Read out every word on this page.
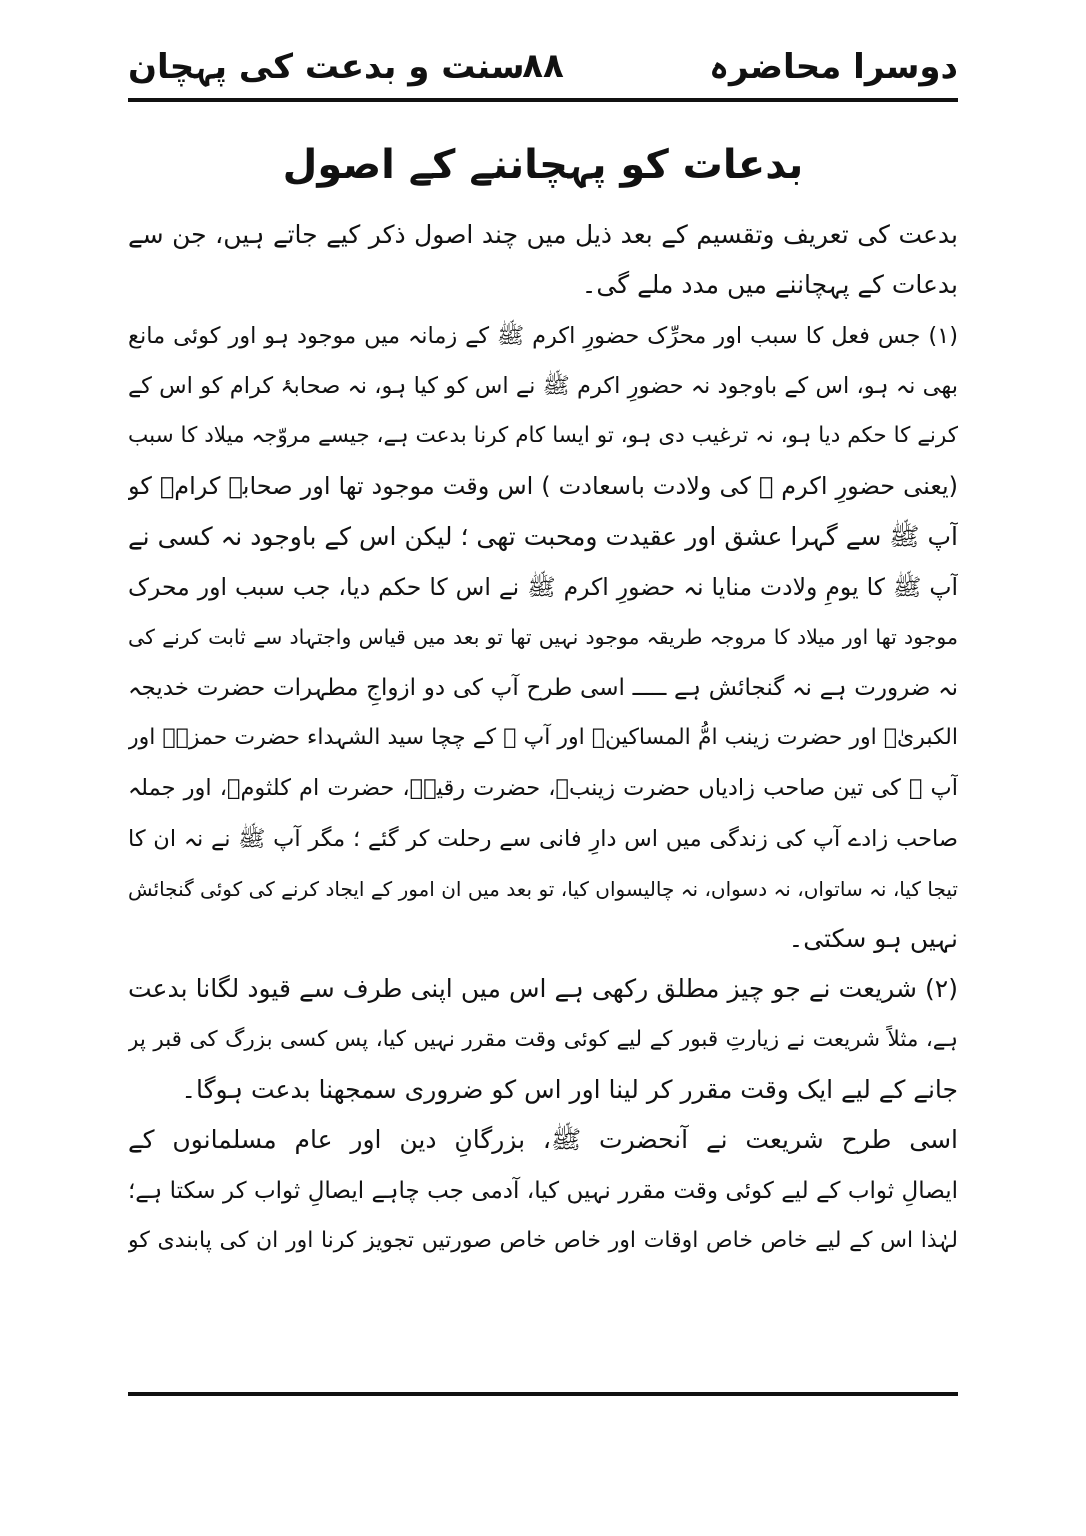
دوسرا محاضرہ
۸۸
سنت و بدعت کی پہچان
بدعات کو پہچاننے کے اصول
بدعت کی تعریف وتقسیم کے بعد ذیل میں چند اصول ذکر کیے جاتے ہیں، جن سے
بدعات کے پہچاننے میں مدد ملے گی۔
(۱) جس فعل کا سبب اور محرِّک حضورِ اکرم ﷺ کے زمانہ میں موجود ہو اور کوئی مانع
بھی نہ ہو، اس کے باوجود نہ حضورِ اکرم ﷺ نے اس کو کیا ہو، نہ صحابۂ کرام کو اس کے
کرنے کا حکم دیا ہو، نہ ترغیب دی ہو، تو ایسا کام کرنا بدعت ہے، جیسے مروّجہ میلاد کا سبب
(یعنی حضورِ اکرم ﷺ کی ولادت باسعادت ) اس وقت موجود تھا اور صحابۂ کرامؓ کو
آپ ﷺ سے گہرا عشق اور عقیدت ومحبت تھی ؛ لیکن اس کے باوجود نہ کسی نے
آپ ﷺ کا یومِ ولادت منایا نہ حضورِ اکرم ﷺ نے اس کا حکم دیا، جب سبب اور محرک
موجود تھا اور میلاد کا مروجہ طریقہ موجود نہیں تھا تو بعد میں قیاس واجتہاد سے ثابت کرنے کی
نہ ضرورت ہے نہ گنجائش ہے ـــــ اسی طرح آپ کی دو ازواجِ مطہرات حضرت خدیجہ
الکبریٰؓ اور حضرت زینب امُّ المساکینؓ اور آپ ﷺ کے چچا سید الشہداء حضرت حمزہؓ اور
آپ ﷺ کی تین صاحب زادیاں حضرت زینبؓ، حضرت رقیہؓ، حضرت ام کلثومؓ، اور جملہ
صاحب زادے آپ کی زندگی میں اس دارِ فانی سے رحلت کر گئے ؛ مگر آپ ﷺ نے نہ ان کا
تیجا کیا، نہ ساتواں، نہ دسواں، نہ چالیسواں کیا، تو بعد میں ان امور کے ایجاد کرنے کی کوئی گنجائش
نہیں ہو سکتی۔
(۲) شریعت نے جو چیز مطلق رکھی ہے اس میں اپنی طرف سے قیود لگانا بدعت
ہے، مثلاً شریعت نے زیارتِ قبور کے لیے کوئی وقت مقرر نہیں کیا، پس کسی بزرگ کی قبر پر
جانے کے لیے ایک وقت مقرر کر لینا اور اس کو ضروری سمجھنا بدعت ہوگا۔
اسی طرح شریعت نے آنحضرت ﷺ، بزرگانِ دین اور عام مسلمانوں کے
ایصالِ ثواب کے لیے کوئی وقت مقرر نہیں کیا، آدمی جب چاہے ایصالِ ثواب کر سکتا ہے؛
لہٰذا اس کے لیے خاص خاص اوقات اور خاص خاص صورتیں تجویز کرنا اور ان کی پابندی کو
